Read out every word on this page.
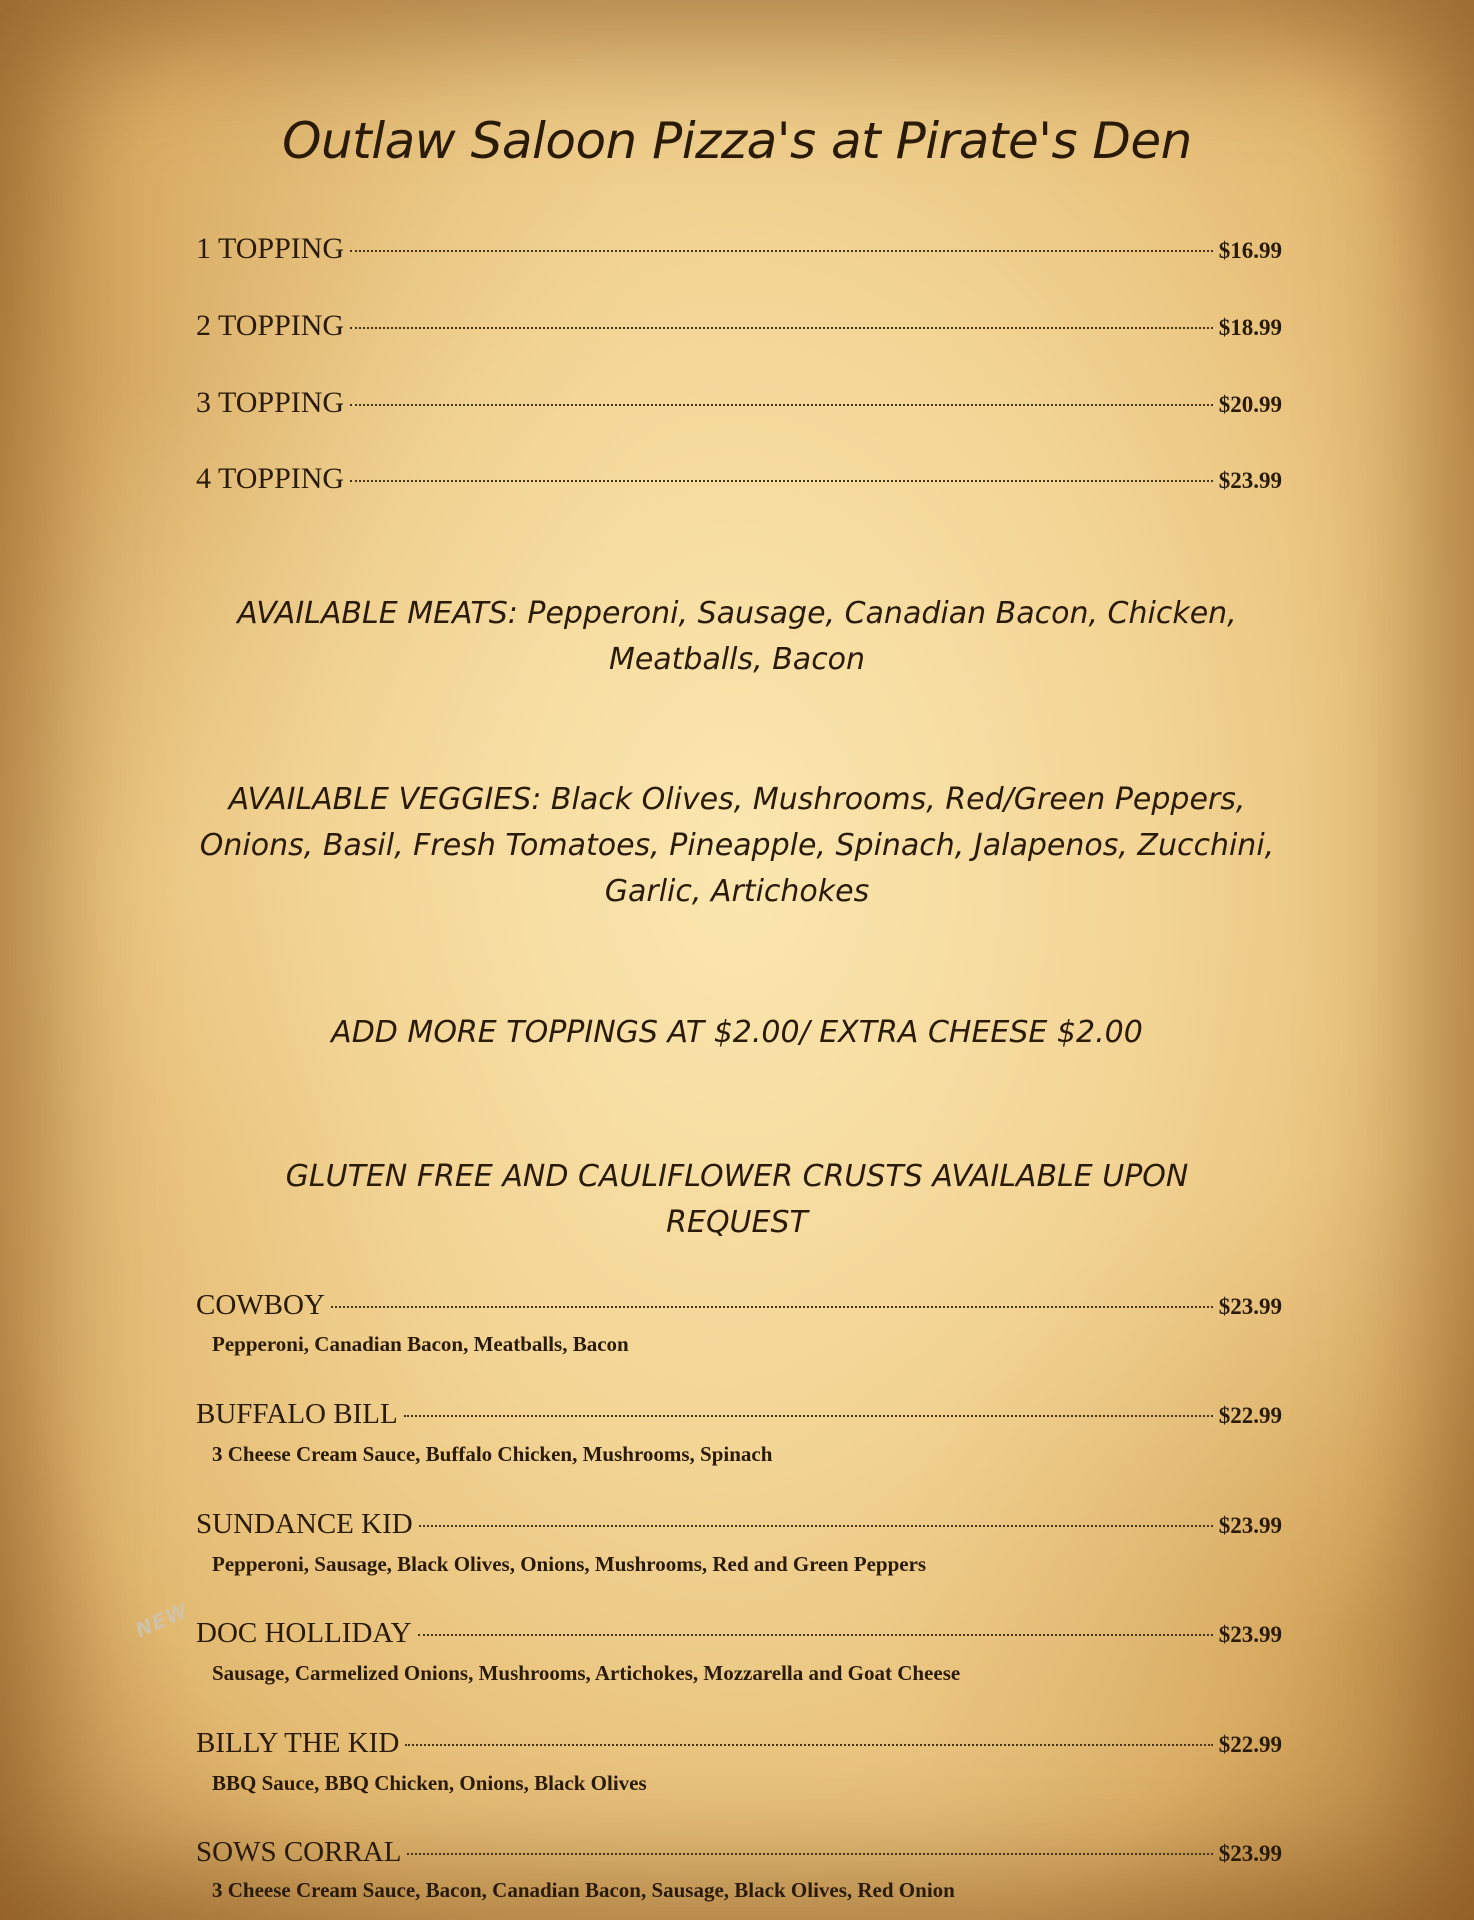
Outlaw Saloon Pizza's at Pirate's Den
1 TOPPING	$16.99
2 TOPPING	$18.99
3 TOPPING	$20.99
4 TOPPING	$23.99
AVAILABLE MEATS: Pepperoni, Sausage, Canadian Bacon, Chicken,
Meatballs, Bacon
AVAILABLE VEGGIES: Black Olives, Mushrooms, Red/Green Peppers,
Onions, Basil, Fresh Tomatoes, Pineapple, Spinach, Jalapenos, Zucchini,
Garlic, Artichokes
ADD MORE TOPPINGS AT $2.00/ EXTRA CHEESE $2.00
GLUTEN FREE AND CAULIFLOWER CRUSTS AVAILABLE UPON
REQUEST
COWBOY	$23.99
Pepperoni, Canadian Bacon, Meatballs, Bacon
BUFFALO BILL	$22.99
3 Cheese Cream Sauce, Buffalo Chicken, Mushrooms, Spinach
SUNDANCE KID	$23.99
Pepperoni, Sausage, Black Olives, Onions, Mushrooms, Red and Green Peppers
NEW DOC HOLLIDAY	$23.99
Sausage, Carmelized Onions, Mushrooms, Artichokes, Mozzarella and Goat Cheese
BILLY THE KID	$22.99
BBQ Sauce, BBQ Chicken, Onions, Black Olives
SOWS CORRAL	$23.99
3 Cheese Cream Sauce, Bacon, Canadian Bacon, Sausage, Black Olives, Red Onion
